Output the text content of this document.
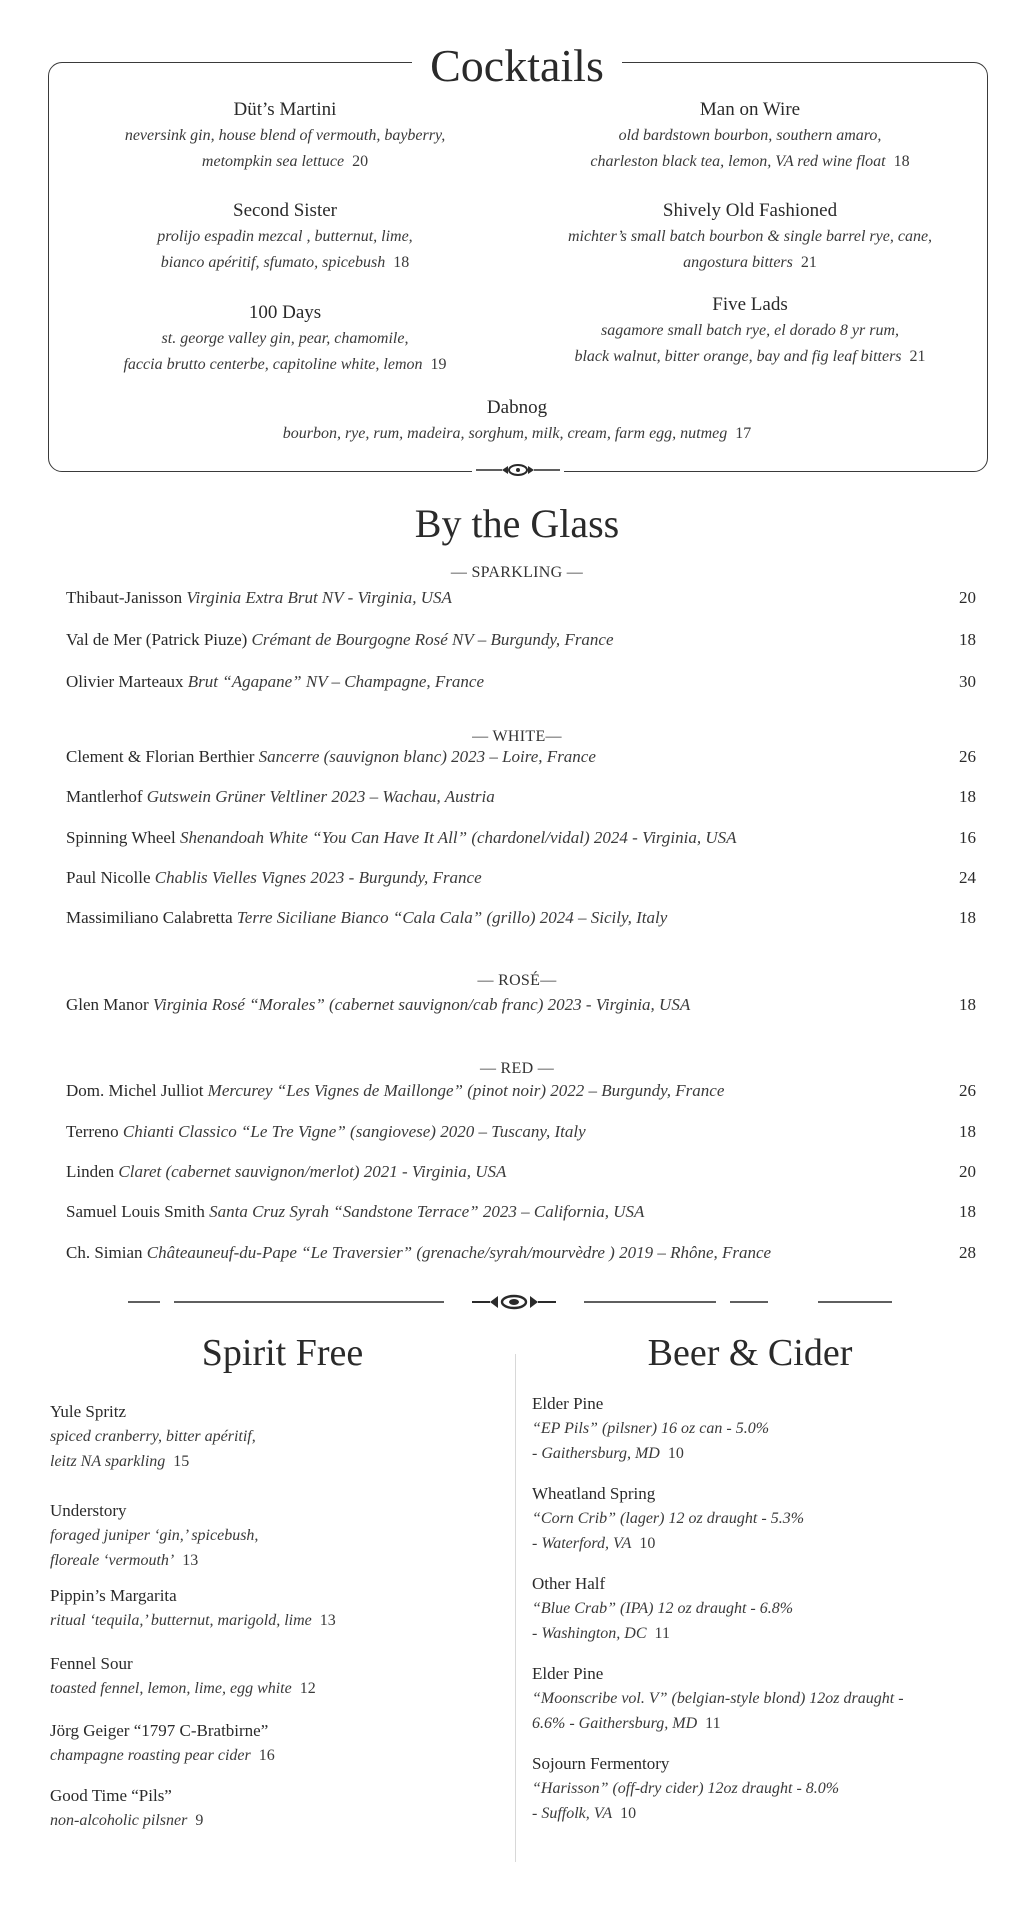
Cocktails
Düt’s Martini
neversink gin, house blend of vermouth, bayberry,
metompkin sea lettuce 20
Man on Wire
old bardstown bourbon, southern amaro,
charleston black tea, lemon, VA red wine float 18
Second Sister
prolijo espadin mezcal , butternut, lime,
bianco apéritif, sfumato, spicebush 18
Shively Old Fashioned
michter’s small batch bourbon & single barrel rye, cane,
angostura bitters 21
100 Days
st. george valley gin, pear, chamomile,
faccia brutto centerbe, capitoline white, lemon 19
Five Lads
sagamore small batch rye, el dorado 8 yr rum,
black walnut, bitter orange, bay and fig leaf bitters 21
Dabnog
bourbon, rye, rum, madeira, sorghum, milk, cream, farm egg, nutmeg 17
By the Glass
— SPARKLING —
Thibaut-Janisson Virginia Extra Brut NV - Virginia, USA	20
Val de Mer (Patrick Piuze) Crémant de Bourgogne Rosé NV – Burgundy, France	18
Olivier Marteaux Brut “Agapane” NV – Champagne, France	30
— WHITE—
Clement & Florian Berthier Sancerre (sauvignon blanc) 2023 – Loire, France	26
Mantlerhof Gutswein Grüner Veltliner 2023 – Wachau, Austria	18
Spinning Wheel Shenandoah White “You Can Have It All” (chardonel/vidal) 2024 - Virginia, USA	16
Paul Nicolle Chablis Vielles Vignes 2023 - Burgundy, France	24
Massimiliano Calabretta Terre Siciliane Bianco “Cala Cala” (grillo) 2024 – Sicily, Italy	18
— ROSÉ—
Glen Manor Virginia Rosé “Morales” (cabernet sauvignon/cab franc) 2023 - Virginia, USA	18
— RED —
Dom. Michel Julliot Mercurey “Les Vignes de Maillonge” (pinot noir) 2022 – Burgundy, France	26
Terreno Chianti Classico “Le Tre Vigne” (sangiovese) 2020 – Tuscany, Italy	18
Linden Claret (cabernet sauvignon/merlot) 2021 - Virginia, USA	20
Samuel Louis Smith Santa Cruz Syrah “Sandstone Terrace” 2023 – California, USA	18
Ch. Simian Châteauneuf-du-Pape “Le Traversier” (grenache/syrah/mourvèdre ) 2019 – Rhône, France	28
Spirit Free
Yule Spritz
spiced cranberry, bitter apéritif,
leitz NA sparkling 15
Understory
foraged juniper ‘gin,’ spicebush,
floreale ‘vermouth’ 13
Pippin’s Margarita
ritual ‘tequila,’ butternut, marigold, lime 13
Fennel Sour
toasted fennel, lemon, lime, egg white 12
Jörg Geiger “1797 C-Bratbirne”
champagne roasting pear cider 16
Good Time “Pils”
non-alcoholic pilsner 9
Beer & Cider
Elder Pine
“EP Pils” (pilsner) 16 oz can - 5.0%
- Gaithersburg, MD 10
Wheatland Spring
“Corn Crib” (lager) 12 oz draught - 5.3%
- Waterford, VA 10
Other Half
“Blue Crab” (IPA) 12 oz draught - 6.8%
- Washington, DC 11
Elder Pine
“Moonscribe vol. V” (belgian-style blond) 12oz draught -
6.6% - Gaithersburg, MD 11
Sojourn Fermentory
“Harisson” (off-dry cider) 12oz draught - 8.0%
- Suffolk, VA 10
